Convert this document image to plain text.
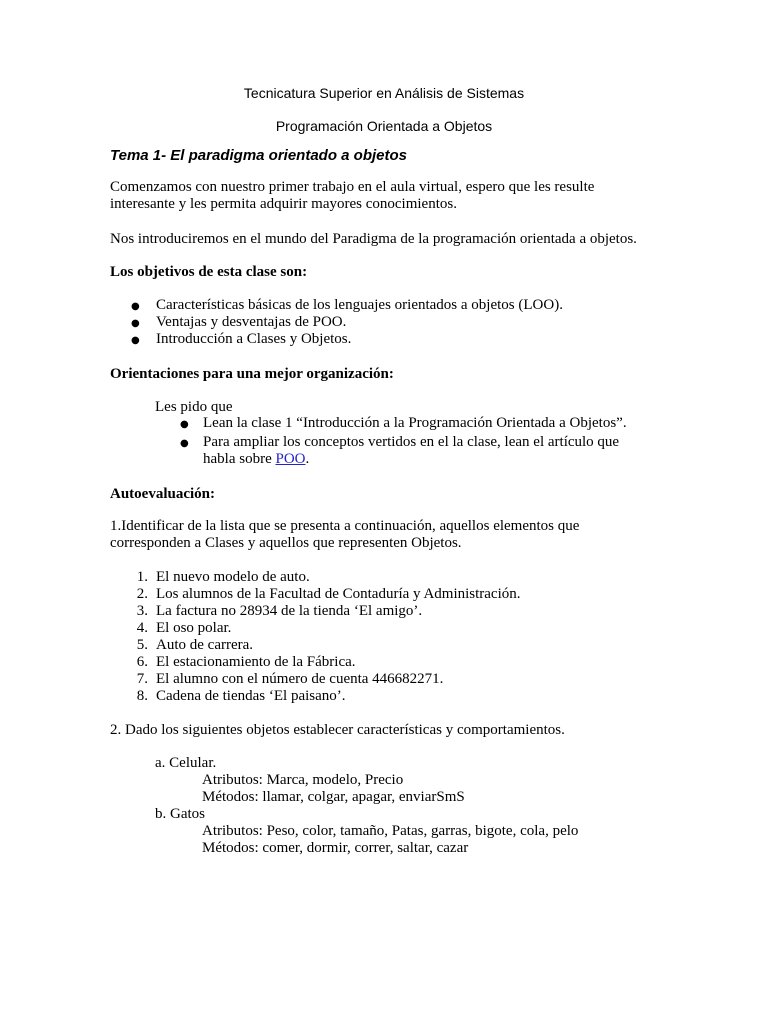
Tecnicatura Superior en Análisis de Sistemas
Programación Orientada a Objetos
Tema 1- El paradigma orientado a objetos
Comenzamos con nuestro primer trabajo en el aula virtual, espero que les resulte
interesante y les permita adquirir mayores conocimientos.
Nos introduciremos en el mundo del Paradigma de la programación orientada a objetos.
Los objetivos de esta clase son:
● Características básicas de los lenguajes orientados a objetos (LOO).
● Ventajas y desventajas de POO.
● Introducción a Clases y Objetos.
Orientaciones para una mejor organización:
Les pido que
● Lean la clase 1 “Introducción a la Programación Orientada a Objetos”.
● Para ampliar los conceptos vertidos en el la clase, lean el artículo que
habla sobre POO.
Autoevaluación:
1.Identificar de la lista que se presenta a continuación, aquellos elementos que
corresponden a Clases y aquellos que representen Objetos.
1. El nuevo modelo de auto.
2. Los alumnos de la Facultad de Contaduría y Administración.
3. La factura no 28934 de la tienda ‘El amigo’.
4. El oso polar.
5. Auto de carrera.
6. El estacionamiento de la Fábrica.
7. El alumno con el número de cuenta 446682271.
8. Cadena de tiendas ‘El paisano’.
2. Dado los siguientes objetos establecer características y comportamientos.
a. Celular.
Atributos: Marca, modelo, Precio
Métodos: llamar, colgar, apagar, enviarSmS
b. Gatos
Atributos: Peso, color, tamaño, Patas, garras, bigote, cola, pelo
Métodos: comer, dormir, correr, saltar, cazar
